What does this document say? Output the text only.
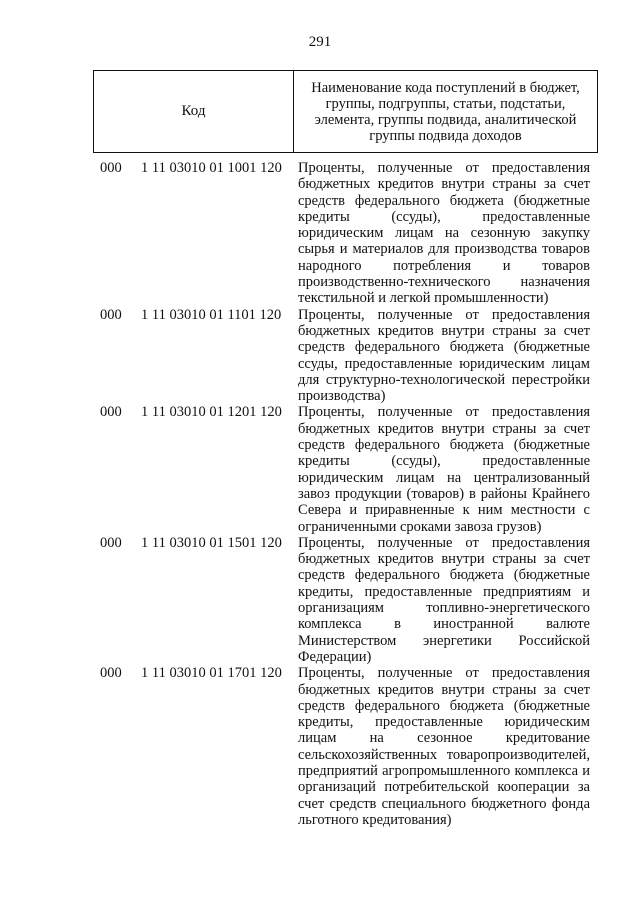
291
Код
Наименование кода поступлений в бюджет, группы, подгруппы, статьи, подстатьи, элемента, группы подвида, аналитической группы подвида доходов
000 1 11 03010 01 1001 120 Проценты, полученные от предоставления бюджетных кредитов внутри страны за счет средств федерального бюджета (бюджетные кредиты (ссуды), предоставленные юридическим лицам на сезонную закупку сырья и материалов для производства товаров народного потребления и товаров производственно-технического назначения текстильной и легкой промышленности)
000 1 11 03010 01 1101 120 Проценты, полученные от предоставления бюджетных кредитов внутри страны за счет средств федерального бюджета (бюджетные ссуды, предоставленные юридическим лицам для структурно-технологической перестройки производства)
000 1 11 03010 01 1201 120 Проценты, полученные от предоставления бюджетных кредитов внутри страны за счет средств федерального бюджета (бюджетные кредиты (ссуды), предоставленные юридическим лицам на централизованный завоз продукции (товаров) в районы Крайнего Севера и приравненные к ним местности с ограниченными сроками завоза грузов)
000 1 11 03010 01 1501 120 Проценты, полученные от предоставления бюджетных кредитов внутри страны за счет средств федерального бюджета (бюджетные кредиты, предоставленные предприятиям и организациям топливно-энергетического комплекса в иностранной валюте Министерством энергетики Российской Федерации)
000 1 11 03010 01 1701 120 Проценты, полученные от предоставления бюджетных кредитов внутри страны за счет средств федерального бюджета (бюджетные кредиты, предоставленные юридическим лицам на сезонное кредитование сельскохозяйственных товаропроизводителей, предприятий агропромышленного комплекса и организаций потребительской кооперации за счет средств специального бюджетного фонда льготного кредитования)
